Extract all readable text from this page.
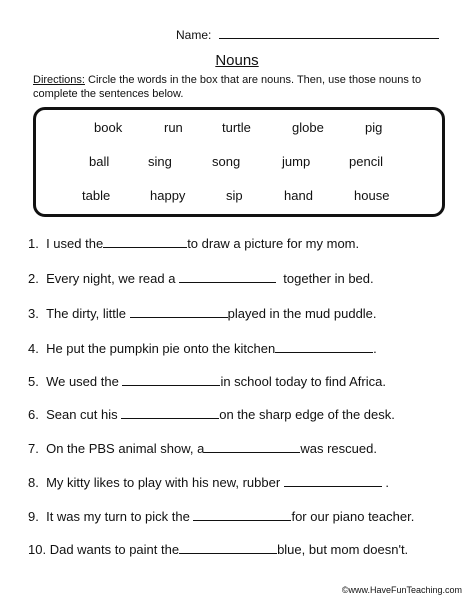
Name:
Nouns
Directions: Circle the words in the box that are nouns. Then, use those nouns to complete the sentences below.
book	run	turtle	globe	pig
ball	sing	song	jump	pencil
table	happy	sip	hand	house
1. I used the	to draw a picture for my mom.
2. Every night, we read a	together in bed.
3. The dirty, little	played in the mud puddle.
4. He put the pumpkin pie onto the kitchen	.
5. We used the	in school today to find Africa.
6. Sean cut his	on the sharp edge of the desk.
7. On the PBS animal show, a	was rescued.
8. My kitty likes to play with his new, rubber	.
9. It was my turn to pick the	for our piano teacher.
10. Dad wants to paint the	blue, but mom doesn't.
©www.HaveFunTeaching.com
